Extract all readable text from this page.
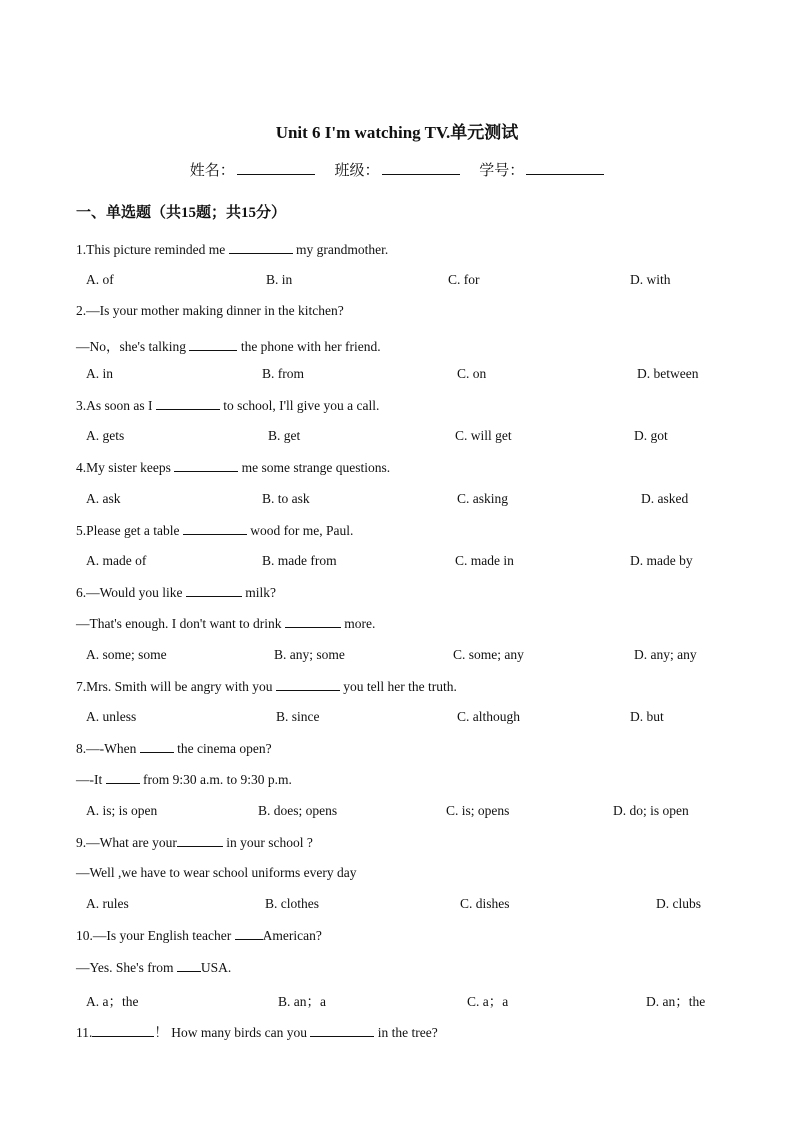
Unit 6 I'm watching TV.单元测试
姓名：	班级：	学号：
一、单选题（共15题；共15分）
1.This picture reminded me	my grandmother.
A. of	B. in	C. for	D. with
2.—Is your mother making dinner in the kitchen?
—No，she's talking	the phone with her friend.
A. in	B. from	C. on	D. between
3.As soon as I	to school, I'll give you a call.
A. gets	B. get	C. will get	D. got
4.My sister keeps	me some strange questions.
A. ask	B. to ask	C. asking	D. asked
5.Please get a table	wood for me, Paul.
A. made of	B. made from	C. made in	D. made by
6.—Would you like	milk?
—That's enough. I don't want to drink	more.
A. some; some	B. any; some	C. some; any	D. any; any
7.Mrs. Smith will be angry with you	you tell her the truth.
A. unless	B. since	C. although	D. but
8.—-When	the cinema open?
—-It	from 9:30 a.m. to 9:30 p.m.
A. is; is open	B. does; opens	C. is; opens	D. do; is open
9.—What are your	in your school ?
—Well ,we have to wear school uniforms every day
A. rules	B. clothes	C. dishes	D. clubs
10.—Is your English teacher American?
—Yes. She's from USA.
A. a；the	B. an；a	C. a；a	D. an；the
11.	！ How many birds can you	in the tree?
